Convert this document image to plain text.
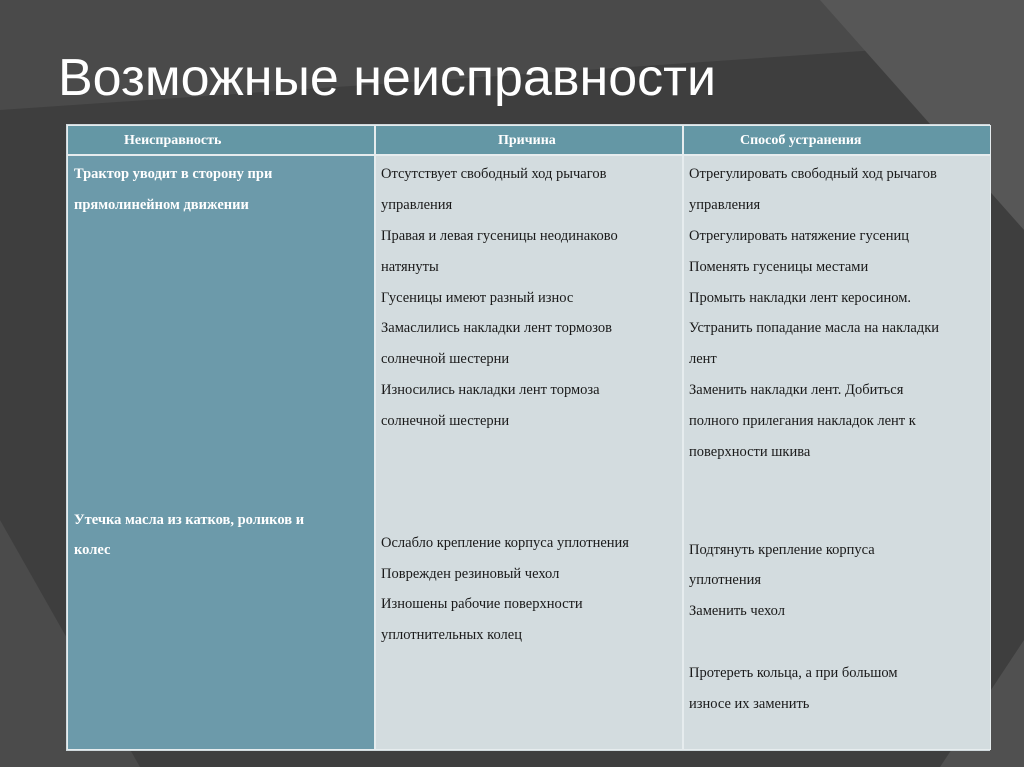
Возможные неисправности
Неисправность	Причина	Способ устранения
Трактор уводит в сторону при
прямолинейном движении
Утечка масла из катков, роликов и
колес
Отсутствует свободный ход рычагов
управления
Правая и левая гусеницы неодинаково
натянуты
Гусеницы имеют разный износ
Замаслились накладки лент тормозов
солнечной шестерни
Износились накладки лент тормоза
солнечной шестерни
Ослабло крепление корпуса уплотнения
Поврежден резиновый чехол
Изношены рабочие поверхности
уплотнительных колец
Отрегулировать свободный ход рычагов
управления
Отрегулировать натяжение гусениц
Поменять гусеницы местами
Промыть накладки лент керосином.
Устранить попадание масла на накладки
лент
Заменить накладки лент. Добиться
полного прилегания накладок лент к
поверхности шкива
Подтянуть крепление корпуса
уплотнения
Заменить чехол
Протереть кольца, а при большом
износе их заменить
